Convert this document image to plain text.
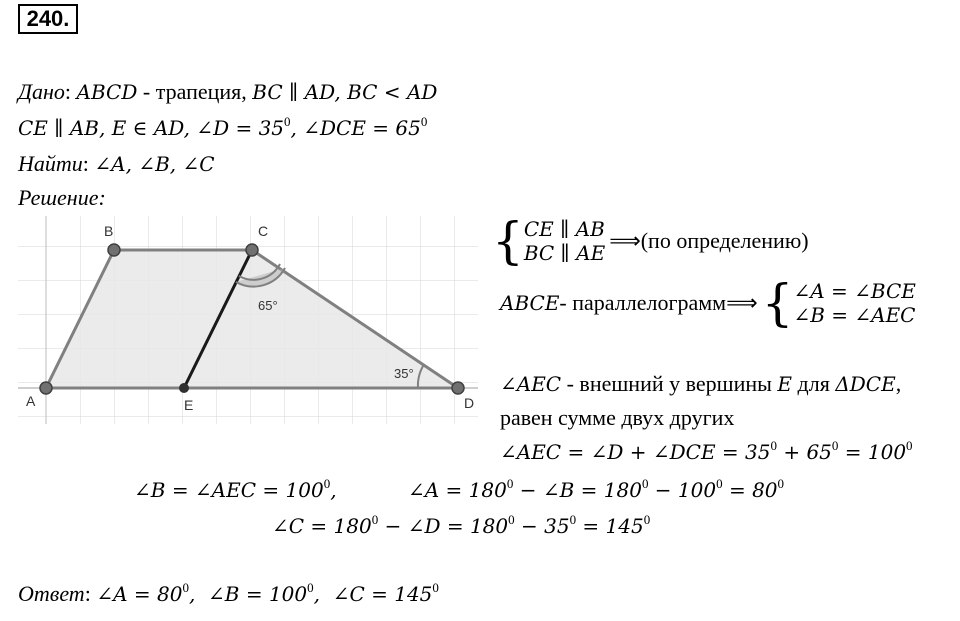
240.
Дано: ABCD - трапеция, BC ∥ AD, BC < AD
CE ∥ AB, E ∈ AD, ∠D = $35^0$, ∠DCE = $65^0$
Найти: ∠A, ∠B, ∠C
Решение:
A
B	C
D
E
65°
35°
{ CE ∥ AB
BC ∥ AE ⟹ (по определению)
ABCE - параллелограмм ⟹ { ∠A = ∠BCE
∠B = ∠AEC
∠AEC - внешний у вершины E для ΔDCE,
равен сумме двух других
∠AEC = ∠D + ∠DCE = $35^0 + 65^0 = 100^0$
∠B = ∠AEC = $100^0$,	∠A = $180^0$ − ∠B = $180^0 - 100^0 = 80^0$
∠C = $180^0$ − ∠D = $180^0 - 35^0 = 145^0$
Ответ: ∠A = $80^0$,  ∠B = $100^0$,  ∠C = $145^0$
